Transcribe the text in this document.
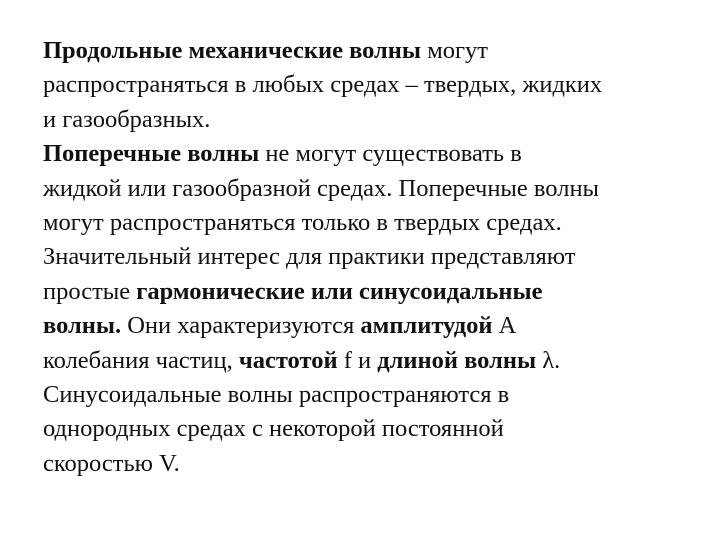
Продольные механические волны могут
распространяться в любых средах – твердых, жидких
и газообразных.

Поперечные волны не могут существовать в
жидкой или газообразной средах. Поперечные волны
могут распространяться только в твердых средах.
Значительный интерес для практики представляют
простые гармонические или синусоидальные
волны. Они характеризуются амплитудой A
колебания частиц, частотой f и длиной волны λ.
Синусоидальные волны распространяются в
однородных средах с некоторой постоянной
скоростью V.
